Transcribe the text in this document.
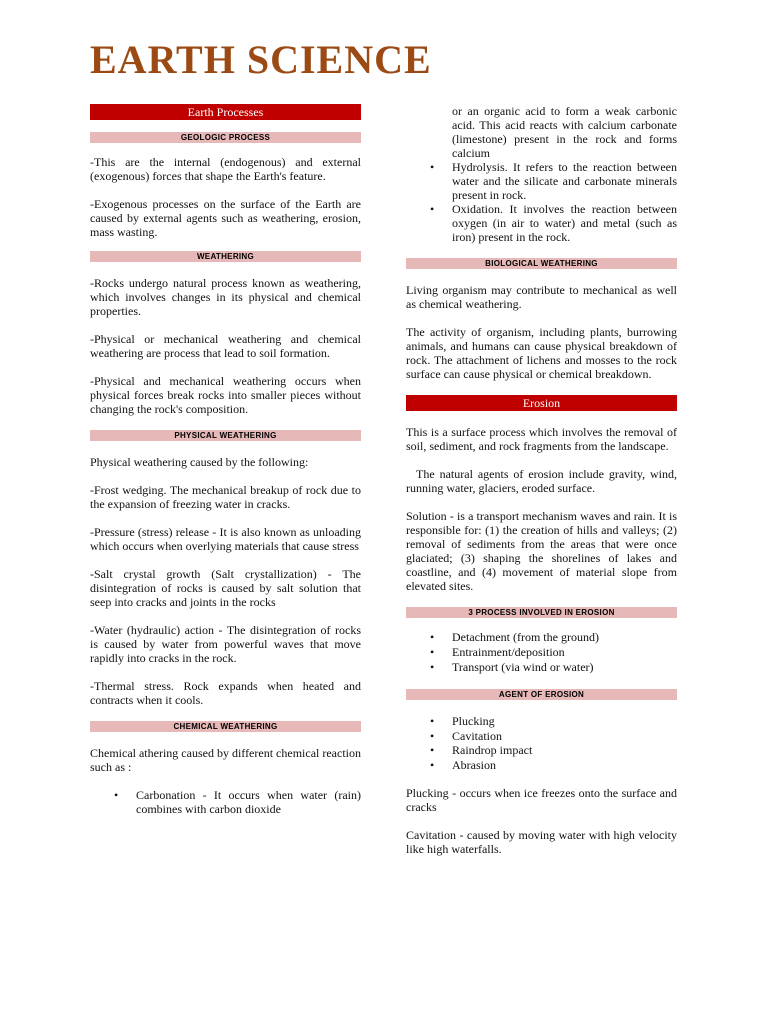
EARTH SCIENCE
Earth Processes
GEOLOGIC PROCESS

-This are the internal (endogenous) and external (exogenous) forces that shape the Earth's feature.

-Exogenous processes on the surface of the Earth are caused by external agents such as weathering, erosion, mass wasting.

WEATHERING

-Rocks undergo natural process known as weathering, which involves changes in its physical and chemical properties.

-Physical or mechanical weathering and chemical weathering are process that lead to soil formation.

-Physical and mechanical weathering occurs when physical forces break rocks into smaller pieces without changing the rock's composition.

PHYSICAL WEATHERING

Physical weathering caused by the following:

-Frost wedging. The mechanical breakup of rock due to the expansion of freezing water in cracks.

-Pressure (stress) release - It is also known as unloading which occurs when overlying materials that cause stress

-Salt crystal growth (Salt crystallization) - The disintegration of rocks is caused by salt solution that seep into cracks and joints in the rocks

-Water (hydraulic) action - The disintegration of rocks is caused by water from powerful waves that move rapidly into cracks in the rock.

-Thermal stress. Rock expands when heated and contracts when it cools.

CHEMICAL WEATHERING

Chemical athering caused by different chemical reaction such as :

• Carbonation - It occurs when water (rain) combines with carbon dioxide

or an organic acid to form a weak carbonic acid. This acid reacts with calcium carbonate (limestone) present in the rock and forms calcium

• Hydrolysis. It refers to the reaction between water and the silicate and carbonate minerals present in rock.
• Oxidation. It involves the reaction between oxygen (in air to water) and metal (such as iron) present in the rock.
BIOLOGICAL WEATHERING

Living organism may contribute to mechanical as well as chemical weathering.

The activity of organism, including plants, burrowing animals, and humans can cause physical breakdown of rock. The attachment of lichens and mosses to the rock surface can cause physical or chemical breakdown.

Erosion

This is a surface process which involves the removal of soil, sediment, and rock fragments from the landscape.

The natural agents of erosion include gravity, wind, running water, glaciers, eroded surface.

Solution - is a transport mechanism waves and rain. It is responsible for: (1) the creation of hills and valleys; (2) removal of sediments from the areas that were once glaciated; (3) shaping the shorelines of lakes and coastline, and (4) movement of material slope from elevated sites.

3 PROCESS INVOLVED IN EROSION
• Detachment (from the ground)
• Entrainment/deposition
• Transport (via wind or water)
AGENT OF EROSION
• Plucking
• Cavitation
• Raindrop impact
• Abrasion

Plucking - occurs when ice freezes onto the surface and cracks

Cavitation - caused by moving water with high velocity like high waterfalls.
